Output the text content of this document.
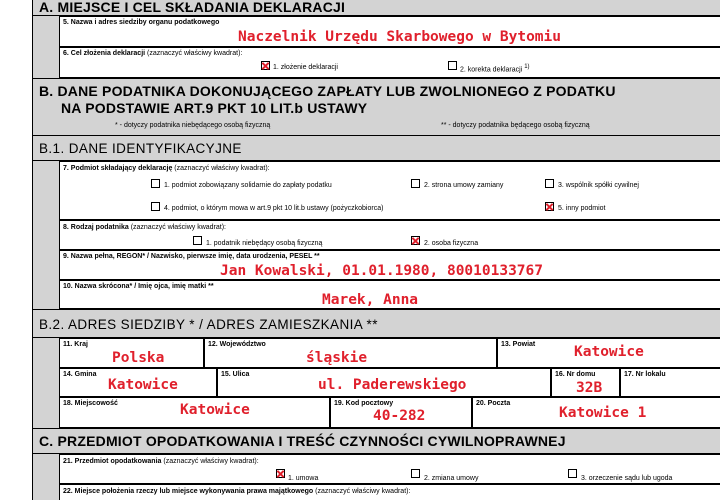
A. MIEJSCE I CEL SKŁADANIA DEKLARACJI
5. Nazwa i adres siedziby organu podatkowego
Naczelnik Urzędu Skarbowego w Bytomiu
6. Cel złożenia deklaracji (zaznaczyć właściwy kwadrat):
1. złożenie deklaracji	2. korekta deklaracji 1)
B. DANE PODATNIKA DOKONUJĄCEGO ZAPŁATY LUB ZWOLNIONEGO Z PODATKU
NA PODSTAWIE ART.9 PKT 10 LIT.b USTAWY
* - dotyczy podatnika niebędącego osobą fizyczną	** - dotyczy podatnika będącego osobą fizyczną
B.1. DANE IDENTYFIKACYJNE
7. Podmiot składający deklarację (zaznaczyć właściwy kwadrat):
1. podmiot zobowiązany solidarnie do zapłaty podatku	2. strona umowy zamiany	3. wspólnik spółki cywilnej
4. podmiot, o którym mowa w art.9 pkt 10 lit.b ustawy (pożyczkobiorca)	5. inny podmiot
8. Rodzaj podatnika (zaznaczyć właściwy kwadrat):
1. podatnik niebędący osobą fizyczną	2. osoba fizyczna
9. Nazwa pełna, REGON* / Nazwisko, pierwsze imię, data urodzenia, PESEL **
Jan Kowalski, 01.01.1980, 80010133767
10. Nazwa skrócona* / Imię ojca, imię matki **
Marek, Anna
B.2. ADRES SIEDZIBY * / ADRES ZAMIESZKANIA **
11. Kraj
Polska
12. Województwo
śląskie
13. Powiat	Katowice
14. Gmina
Katowice
15. Ulica
ul. Paderewskiego
16. Nr domu
32B
17. Nr lokalu
18. Miejscowość	Katowice	19. Kod pocztowy
40-282
20. Poczta
Katowice 1
C. PRZEDMIOT OPODATKOWANIA I TREŚĆ CZYNNOŚCI CYWILNOPRAWNEJ
21. Przedmiot opodatkowania (zaznaczyć właściwy kwadrat):
1. umowa	2. zmiana umowy	3. orzeczenie sądu lub ugoda
22. Miejsce położenia rzeczy lub miejsce wykonywania prawa majątkowego (zaznaczyć właściwy kwadrat):
